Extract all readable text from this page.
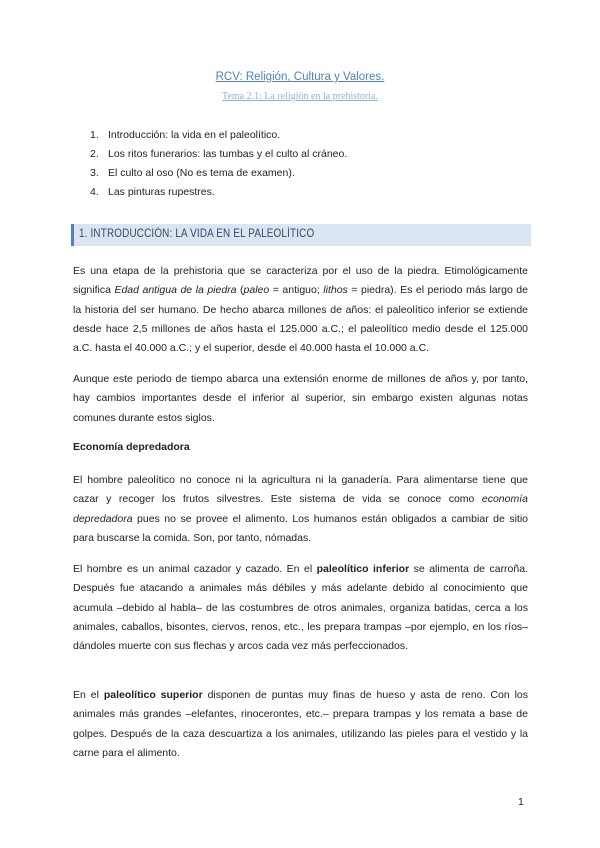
RCV: Religión, Cultura y Valores.
Tema 2.1: La religión en la prehistoria.
1. Introducción: la vida en el paleolítico.
2. Los ritos funerarios: las tumbas y el culto al cráneo.
3. El culto al oso (No es tema de examen).
4. Las pinturas rupestres.
1. INTRODUCCIÓN: LA VIDA EN EL PALEOLÍTICO

Es una etapa de la prehistoria que se caracteriza por el uso de la piedra. Etimológicamente significa Edad antigua de la piedra (paleo = antiguo; lithos = piedra). Es el periodo más largo de la historia del ser humano. De hecho abarca millones de años: el paleolítico inferior se extiende desde hace 2,5 millones de años hasta el 125.000 a.C.; el paleolítico medio desde el 125.000 a.C. hasta el 40.000 a.C.; y el superior, desde el 40.000 hasta el 10.000 a.C.

Aunque este periodo de tiempo abarca una extensión enorme de millones de años y, por tanto, hay cambios importantes desde el inferior al superior, sin embargo existen algunas notas comunes durante estos siglos.

Economía depredadora

El hombre paleolítico no conoce ni la agricultura ni la ganadería. Para alimentarse tiene que cazar y recoger los frutos silvestres. Este sistema de vida se conoce como economía depredadora pues no se provee el alimento. Los humanos están obligados a cambiar de sitio para buscarse la comida. Son, por tanto, nómadas.

El hombre es un animal cazador y cazado. En el paleolítico inferior se alimenta de carroña. Después fue atacando a animales más débiles y más adelante debido al conocimiento que acumula –debido al habla– de las costumbres de otros animales, organiza batidas, cerca a los animales, caballos, bisontes, ciervos, renos, etc., les prepara trampas –por ejemplo, en los ríos– dándoles muerte con sus flechas y arcos cada vez más perfeccionados.

En el paleolítico superior disponen de puntas muy finas de hueso y asta de reno. Con los animales más grandes –elefantes, rinocerontes, etc.– prepara trampas y los remata a base de golpes. Después de la caza descuartiza a los animales, utilizando las pieles para el vestido y la carne para el alimento.

1
